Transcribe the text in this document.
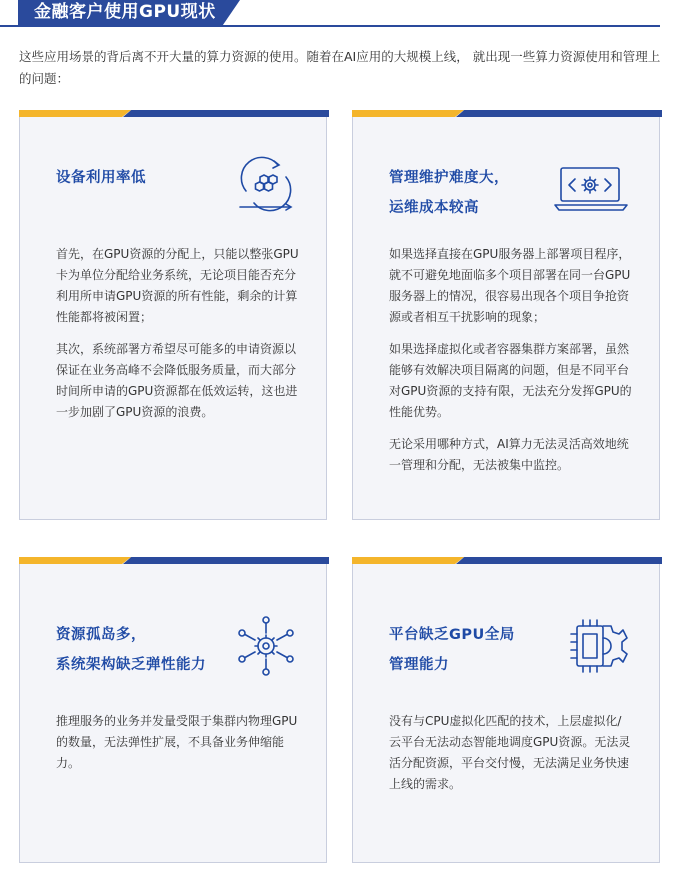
金融客户使用GPU现状
这些应用场景的背后离不开大量的算力资源的使用。随着在AI应用的大规模上线， 就出现一些算力资源使用和管理上的问题：
设备利用率低

首先，在GPU资源的分配上，只能以整张GPU卡为单位分配给业务系统，无论项目能否充分利用所申请GPU资源的所有性能，剩余的计算性能都将被闲置；

其次，系统部署方希望尽可能多的申请资源以保证在业务高峰不会降低服务质量，而大部分时间所申请的GPU资源都在低效运转，这也进一步加剧了GPU资源的浪费。

管理维护难度大，
运维成本较高

如果选择直接在GPU服务器上部署项目程序，就不可避免地面临多个项目部署在同一台GPU服务器上的情况，很容易出现各个项目争抢资源或者相互干扰影响的现象；

如果选择虚拟化或者容器集群方案部署，虽然能够有效解决项目隔离的问题，但是不同平台对GPU资源的支持有限，无法充分发挥GPU的性能优势。

无论采用哪种方式，AI算力无法灵活高效地统一管理和分配，无法被集中监控。

资源孤岛多，
系统架构缺乏弹性能力

推理服务的业务并发量受限于集群内物理GPU的数量，无法弹性扩展，不具备业务伸缩能力。

平台缺乏GPU全局
管理能力

没有与CPU虚拟化匹配的技术，上层虚拟化/云平台无法动态智能地调度GPU资源。无法灵活分配资源，平台交付慢，无法满足业务快速上线的需求。
